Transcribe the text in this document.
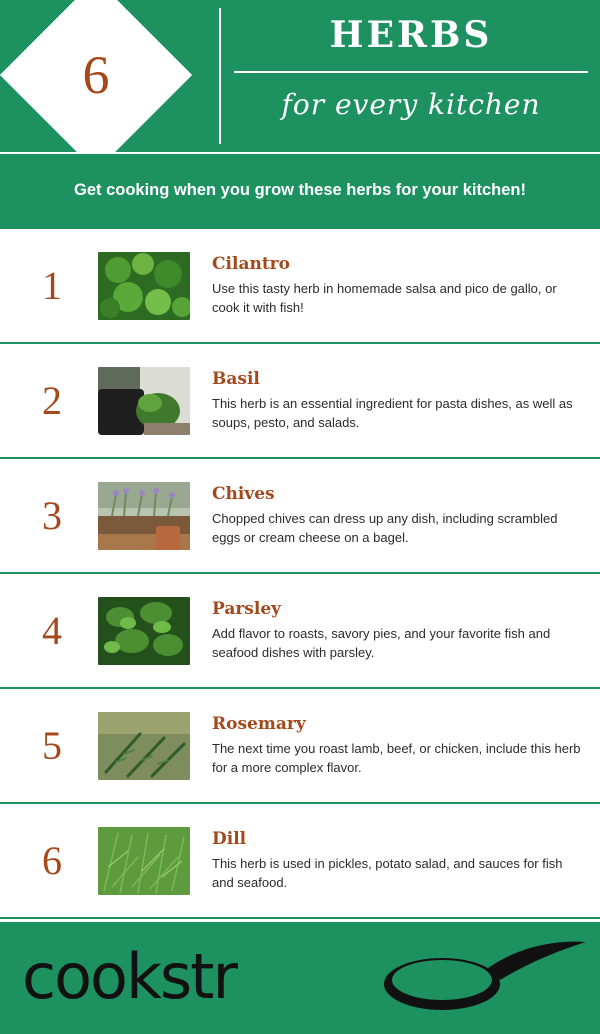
6
HERBS
for every kitchen
Get cooking when you grow these herbs for your kitchen!
1	Cilantro
Use this tasty herb in homemade salsa and pico de gallo, or cook it with fish!
2	Basil
This herb is an essential ingredient for pasta dishes, as well as soups, pesto, and salads.
3	Chives
Chopped chives can dress up any dish, including scrambled eggs or cream cheese on a bagel.
4	Parsley
Add flavor to roasts, savory pies, and your favorite fish and seafood dishes with parsley.
5	Rosemary
The next time you roast lamb, beef, or chicken, include this herb for a more complex flavor.
6	Dill
This herb is used in pickles, potato salad, and sauces for fish and seafood.
cookstr
